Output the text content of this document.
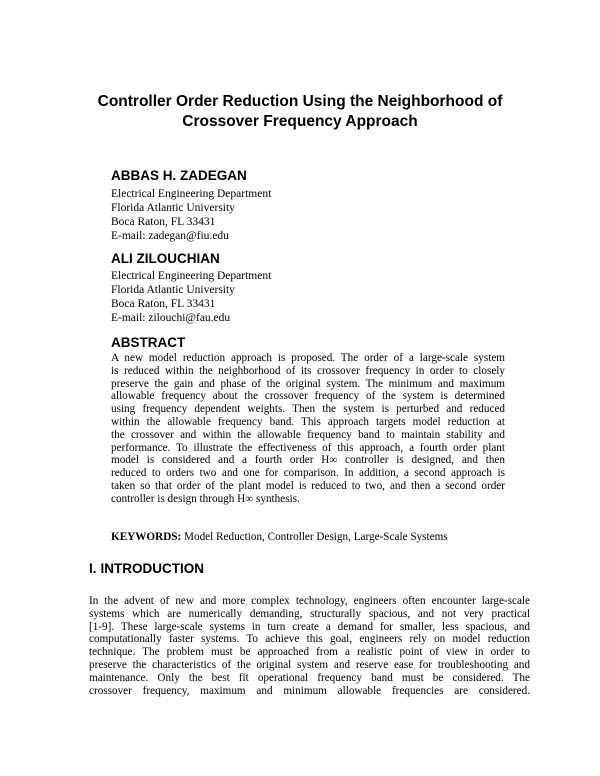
Controller Order Reduction Using the Neighborhood of
Crossover Frequency Approach
ABBAS H. ZADEGAN
Electrical Engineering Department
Florida Atlantic University
Boca Raton, FL 33431
E-mail: zadegan@fiu.edu
ALI ZILOUCHIAN
Electrical Engineering Department
Florida Atlantic University
Boca Raton, FL 33431
E-mail: zilouchi@fau.edu
ABSTRACT
A new model reduction approach is proposed. The order of a large-scale system
is reduced within the neighborhood of its crossover frequency in order to closely
preserve the gain and phase of the original system. The minimum and maximum
allowable frequency about the crossover frequency of the system is determined
using frequency dependent weights. Then the system is perturbed and reduced
within the allowable frequency band. This approach targets model reduction at
the crossover and within the allowable frequency band to maintain stability and
performance. To illustrate the effectiveness of this approach, a fourth order plant
model is considered and a fourth order H∞ controller is designed, and then
reduced to orders two and one for comparison. In addition, a second approach is
taken so that order of the plant model is reduced to two, and then a second order
controller is design through H∞ synthesis.
KEYWORDS: Model Reduction, Controller Design, Large-Scale Systems
I. INTRODUCTION
In the advent of new and more complex technology, engineers often encounter large-scale
systems which are numerically demanding, structurally spacious, and not very practical
[1-9]. These large-scale systems in turn create a demand for smaller, less spacious, and
computationally faster systems. To achieve this goal, engineers rely on model reduction
technique. The problem must be approached from a realistic point of view in order to
preserve the characteristics of the original system and reserve ease for troubleshooting and
maintenance. Only the best fit operational frequency band must be considered. The
crossover frequency, maximum and minimum allowable frequencies are considered.
